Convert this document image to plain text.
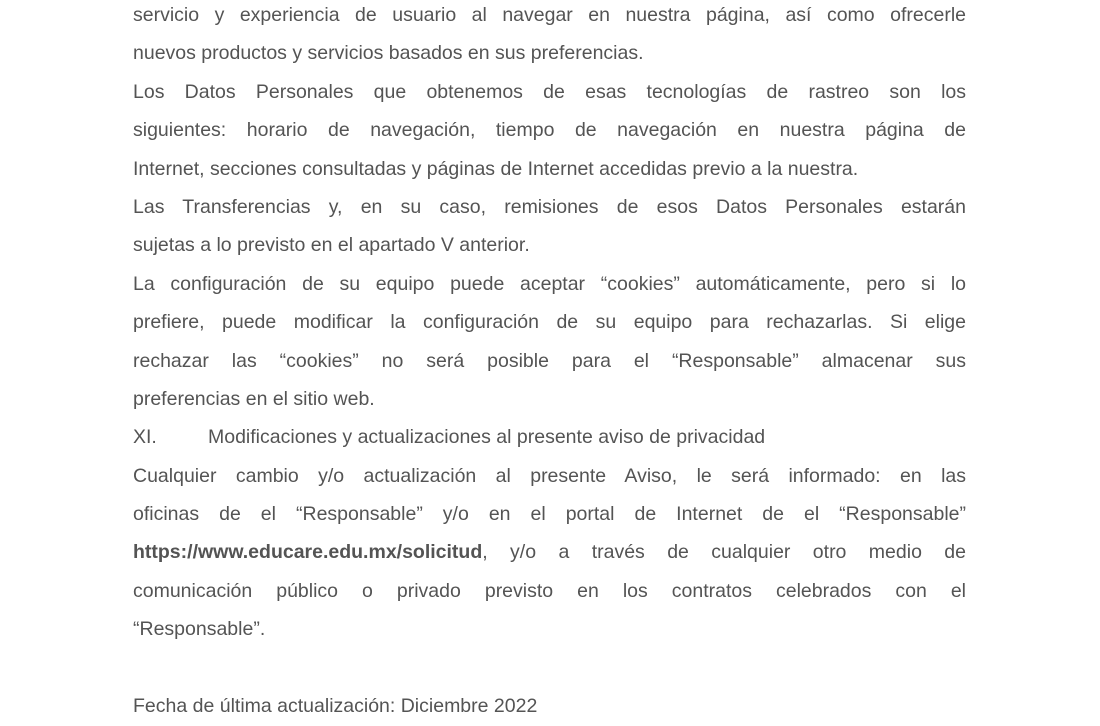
servicio y experiencia de usuario al navegar en nuestra página, así como ofrecerle
nuevos productos y servicios basados en sus preferencias.
Los Datos Personales que obtenemos de esas tecnologías de rastreo son los
siguientes: horario de navegación, tiempo de navegación en nuestra página de
Internet, secciones consultadas y páginas de Internet accedidas previo a la nuestra.
Las Transferencias y, en su caso, remisiones de esos Datos Personales estarán
sujetas a lo previsto en el apartado V anterior.
La configuración de su equipo puede aceptar “cookies” automáticamente, pero si lo
prefiere, puede modificar la configuración de su equipo para rechazarlas. Si elige
rechazar las “cookies” no será posible para el “Responsable” almacenar sus
preferencias en el sitio web.
XI.	Modificaciones y actualizaciones al presente aviso de privacidad
Cualquier cambio y/o actualización al presente Aviso, le será informado: en las
oficinas de el “Responsable” y/o en el portal de Internet de el “Responsable”
https://www.educare.edu.mx/solicitud, y/o a través de cualquier otro medio de
comunicación público o privado previsto en los contratos celebrados con el
“Responsable”.
Fecha de última actualización: Diciembre 2022
